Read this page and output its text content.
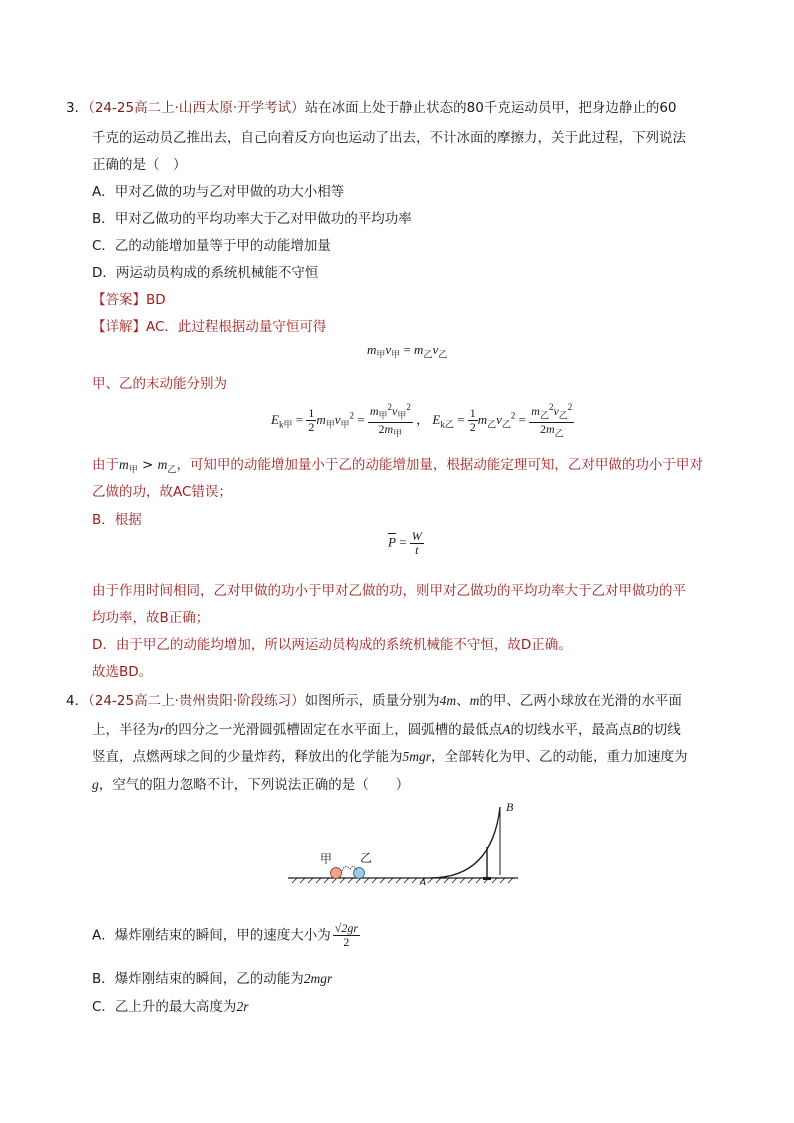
3．（24-25高二上·山西太原·开学考试）站在冰面上处于静止状态的80千克运动员甲，把身边静止的60
千克的运动员乙推出去，自己向着反方向也运动了出去，不计冰面的摩擦力，关于此过程，下列说法
正确的是（　）
A．甲对乙做的功与乙对甲做的功大小相等
B．甲对乙做功的平均功率大于乙对甲做功的平均功率
C．乙的动能增加量等于甲的动能增加量
D．两运动员构成的系统机械能不守恒
【答案】BD
【详解】AC．此过程根据动量守恒可得
$m_甲v_甲 = m_乙v_乙$
甲、乙的末动能分别为
$E_{k甲} = \frac{1}{2} m_甲v_甲^2 = \frac{m_甲^2v_甲^2}{2m_甲}$ ， $E_{k乙} = \frac{1}{2} m_乙v_乙^2 = \frac{m_乙^2v_乙^2}{2m_乙}$
由于$m_甲 > m_乙$，可知甲的动能增加量小于乙的动能增加量，根据动能定理可知，乙对甲做的功小于甲对
乙做的功，故AC错误；
B．根据
$\overline{P} = \frac{W}{t}$
由于作用时间相同，乙对甲做的功小于甲对乙做的功，则甲对乙做功的平均功率大于乙对甲做功的平
均功率，故B正确；
D．由于甲乙的动能均增加，所以两运动员构成的系统机械能不守恒，故D正确。
故选BD。
4．（24-25高二上·贵州贵阳·阶段练习）如图所示，质量分别为4m、m的甲、乙两小球放在光滑的水平面
上，半径为r的四分之一光滑圆弧槽固定在水平面上，圆弧槽的最低点A的切线水平，最高点B的切线
竖直，点燃两球之间的少量炸药，释放出的化学能为5mgr，全部转化为甲、乙的动能，重力加速度为
g，空气的阻力忽略不计，下列说法正确的是（　　）
甲 乙
A
B
A．爆炸刚结束的瞬间，甲的速度大小为 $\frac{√2gr}{2}$
B．爆炸刚结束的瞬间，乙的动能为2mgr
C．乙上升的最大高度为2r
